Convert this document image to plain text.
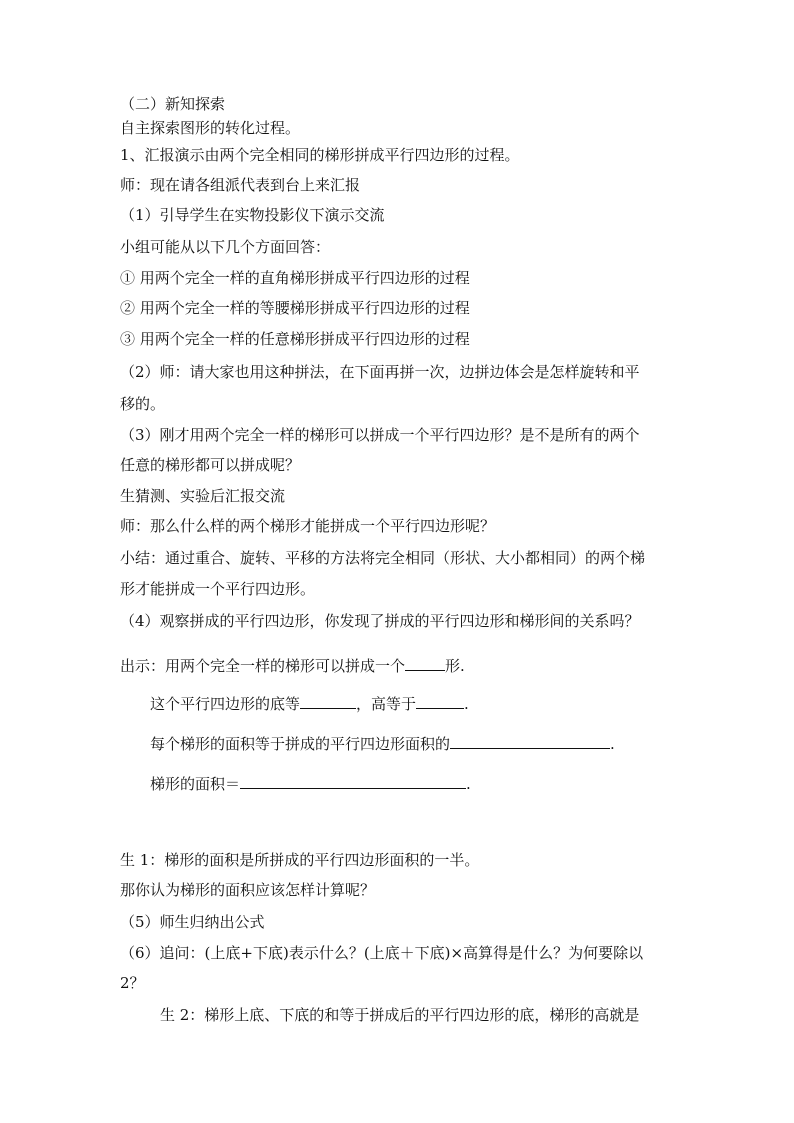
（二）新知探索
自主探索图形的转化过程。
1、汇报演示由两个完全相同的梯形拼成平行四边形的过程。
师：现在请各组派代表到台上来汇报
（1）引导学生在实物投影仪下演示交流
小组可能从以下几个方面回答：
① 用两个完全一样的直角梯形拼成平行四边形的过程
② 用两个完全一样的等腰梯形拼成平行四边形的过程
③ 用两个完全一样的任意梯形拼成平行四边形的过程
（2）师：请大家也用这种拼法，在下面再拼一次，边拼边体会是怎样旋转和平
移的。
（3）刚才用两个完全一样的梯形可以拼成一个平行四边形？是不是所有的两个
任意的梯形都可以拼成呢？
生猜测、实验后汇报交流
师：那么什么样的两个梯形才能拼成一个平行四边形呢？
小结：通过重合、旋转、平移的方法将完全相同（形状、大小都相同）的两个梯
形才能拼成一个平行四边形。
（4）观察拼成的平行四边形，你发现了拼成的平行四边形和梯形间的关系吗？
出示：用两个完全一样的梯形可以拼成一个	形.
这个平行四边形的底等	，高等于	.
每个梯形的面积等于拼成的平行四边形面积的	.
梯形的面积＝	.
生 1：梯形的面积是所拼成的平行四边形面积的一半。
那你认为梯形的面积应该怎样计算呢？
（5）师生归纳出公式
（6）追问：(上底+下底)表示什么？(上底＋下底)×高算得是什么？为何要除以
2？
生 2：梯形上底、下底的和等于拼成后的平行四边形的底，梯形的高就是
